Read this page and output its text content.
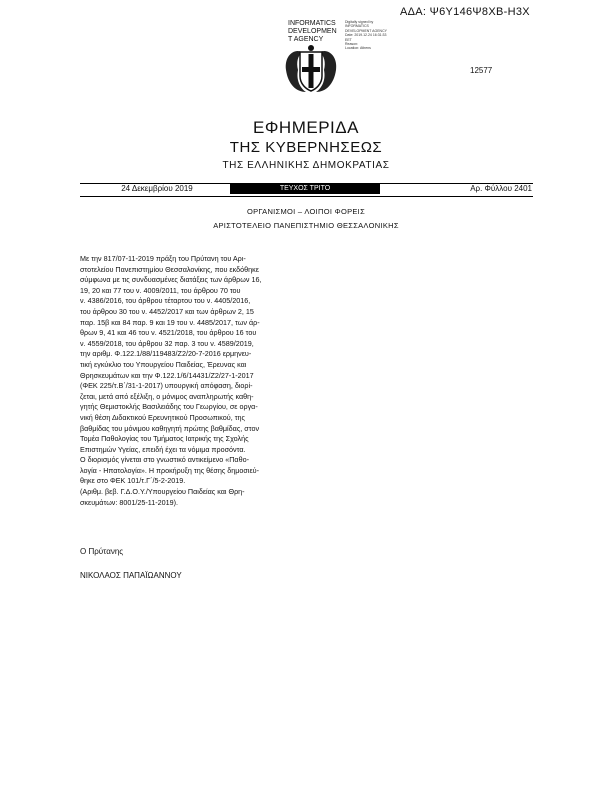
ΑΔΑ: Ψ6Υ146Ψ8ΧΒ-Η3Χ
INFORMATICS
DEVELOPMEN
T AGENCY
Digitally signed by
INFORMATICS
DEVELOPMENT AGENCY
Date: 2019.12.24 16:31:33
EET
Reason:
Location: Athens
12577
ΕΦΗΜΕΡΙΔΑ
ΤΗΣ ΚΥΒΕΡΝΗΣΕΩΣ
ΤΗΣ ΕΛΛΗΝΙΚΗΣ ΔΗΜΟΚΡΑΤΙΑΣ
24 Δεκεμβρίου 2019	ΤΕΥΧΟΣ ΤΡΙΤΟ	Αρ. Φύλλου 2401
ΟΡΓΑΝΙΣΜΟΙ – ΛΟΙΠΟΙ ΦΟΡΕΙΣ
ΑΡΙΣΤΟΤΕΛΕΙΟ ΠΑΝΕΠΙΣΤΗΜΙΟ ΘΕΣΣΑΛΟΝΙΚΗΣ
Με την 817/07-11-2019 πράξη του Πρύτανη του Αρι-
στοτελείου Πανεπιστημίου Θεσσαλονίκης, που εκδόθηκε
σύμφωνα με τις συνδυασμένες διατάξεις των άρθρων 16,
19, 20 και 77 του ν. 4009/2011, του άρθρου 70 του
ν. 4386/2016, του άρθρου τέταρτου του ν. 4405/2016,
του άρθρου 30 του ν. 4452/2017 και των άρθρων 2, 15
παρ. 15β και 84 παρ. 9 και 19 του ν. 4485/2017, των άρ-
θρων 9, 41 και 46 του ν. 4521/2018, του άρθρου 16 του
ν. 4559/2018, του άρθρου 32 παρ. 3 του ν. 4589/2019,
την αριθμ. Φ.122.1/88/119483/Z2/20-7-2016 ερμηνευ-
τική εγκύκλιο του Υπουργείου Παιδείας, Έρευνας και
Θρησκευμάτων και την Φ.122.1/6/14431/Z2/27-1-2017
(ΦΕΚ 225/τ.Β΄/31-1-2017) υπουργική απόφαση, διορί-
ζεται, μετά από εξέλιξη, ο μόνιμος αναπληρωτής καθη-
γητής Θεμιστοκλής Βασιλειάδης του Γεωργίου, σε οργα-
νική θέση Διδακτικού Ερευνητικού Προσωπικού, της
βαθμίδας του μόνιμου καθηγητή πρώτης βαθμίδας, στον
Τομέα Παθολογίας του Τμήματος Ιατρικής της Σχολής
Επιστημών Υγείας, επειδή έχει τα νόμιμα προσόντα.
Ο διορισμός γίνεται στο γνωστικό αντικείμενο «Παθο-
λογία - Ηπατολογία». Η προκήρυξη της θέσης δημοσιεύ-
θηκε στο ΦΕΚ 101/τ.Γ΄/5-2-2019.
(Αριθμ. βεβ. Γ.Δ.Ο.Υ./Υπουργείου Παιδείας και Θρη-
σκευμάτων: 8001/25-11-2019).
Ο Πρύτανης
ΝΙΚΟΛΑΟΣ ΠΑΠΑΪΩΑΝΝΟΥ
